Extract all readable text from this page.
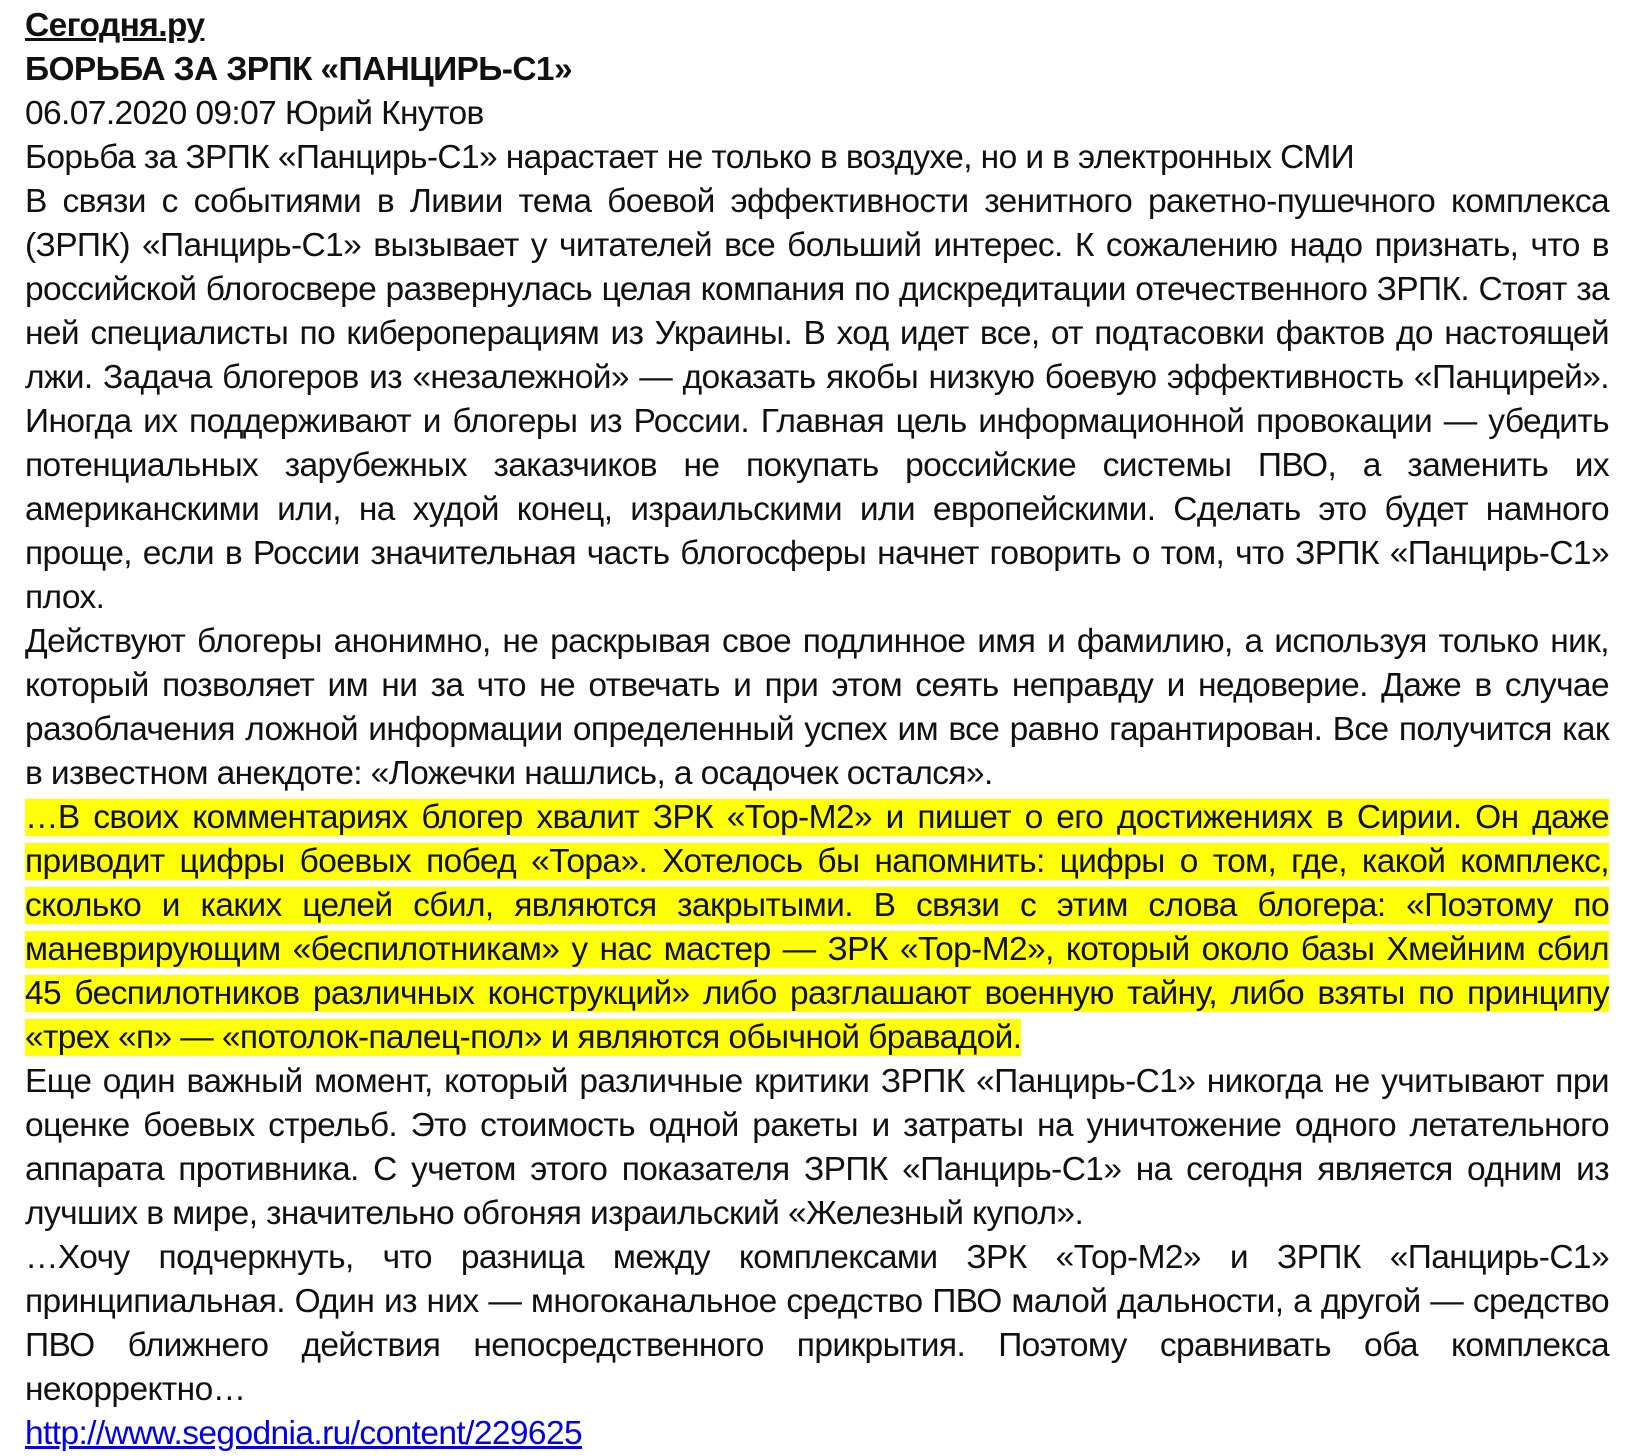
Сегодня.ру

БОРЬБА ЗА ЗРПК «ПАНЦИРЬ-С1»

06.07.2020 09:07 Юрий Кнутов

Борьба за ЗРПК «Панцирь-С1» нарастает не только в воздухе, но и в электронных СМИ

В связи с событиями в Ливии тема боевой эффективности зенитного ракетно-пушечного комплекса (ЗРПК) «Панцирь-С1» вызывает у читателей все больший интерес. К сожалению надо признать, что в российской блогосвере развернулась целая компания по дискредитации отечественного ЗРПК. Стоят за ней специалисты по кибероперациям из Украины. В ход идет все, от подтасовки фактов до настоящей лжи. Задача блогеров из «незалежной» — доказать якобы низкую боевую эффективность «Панцирей». Иногда их поддерживают и блогеры из России. Главная цель информационной провокации — убедить потенциальных зарубежных заказчиков не покупать российские системы ПВО, а заменить их американскими или, на худой конец, израильскими или европейскими. Сделать это будет намного проще, если в России значительная часть блогосферы начнет говорить о том, что ЗРПК «Панцирь-С1» плох.

Действуют блогеры анонимно, не раскрывая свое подлинное имя и фамилию, а используя только ник, который позволяет им ни за что не отвечать и при этом сеять неправду и недоверие. Даже в случае разоблачения ложной информации определенный успех им все равно гарантирован. Все получится как в известном анекдоте: «Ложечки нашлись, а осадочек остался».

…В своих комментариях блогер хвалит ЗРК «Тор-М2» и пишет о его достижениях в Сирии. Он даже приводит цифры боевых побед «Тора». Хотелось бы напомнить: цифры о том, где, какой комплекс, сколько и каких целей сбил, являются закрытыми. В связи с этим слова блогера: «Поэтому по маневрирующим «беспилотникам» у нас мастер — ЗРК «Тор-М2», который около базы Хмейним сбил 45 беспилотников различных конструкций» либо разглашают военную тайну, либо взяты по принципу «трех «п» — «потолок-палец-пол» и являются обычной бравадой.

Еще один важный момент, который различные критики ЗРПК «Панцирь-С1» никогда не учитывают при оценке боевых стрельб. Это стоимость одной ракеты и затраты на уничтожение одного летательного аппарата противника. С учетом этого показателя ЗРПК «Панцирь-С1» на сегодня является одним из лучших в мире, значительно обгоняя израильский «Железный купол».

…Хочу подчеркнуть, что разница между комплексами ЗРК «Тор-М2» и ЗРПК «Панцирь-С1» принципиальная. Один из них — многоканальное средство ПВО малой дальности, а другой — средство ПВО ближнего действия непосредственного прикрытия. Поэтому сравнивать оба комплекса некорректно…

http://www.segodnia.ru/content/229625
